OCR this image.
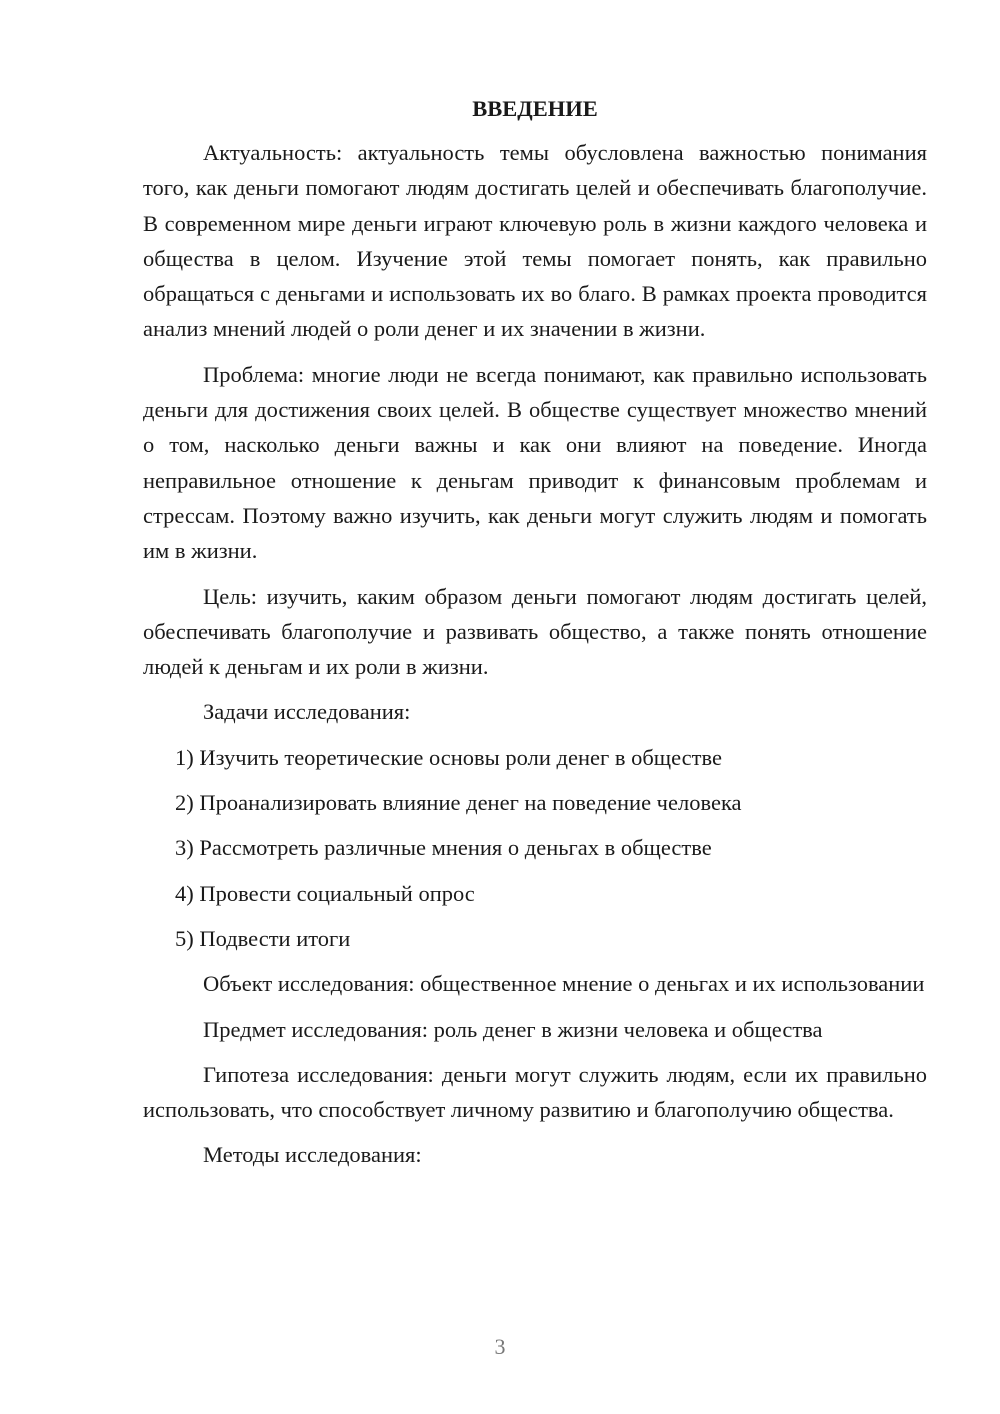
ВВЕДЕНИЕ

Актуальность: актуальность темы обусловлена важностью понимания того, как деньги помогают людям достигать целей и обеспечивать благополучие. В современном мире деньги играют ключевую роль в жизни каждого человека и общества в целом. Изучение этой темы помогает понять, как правильно обращаться с деньгами и использовать их во благо. В рамках проекта проводится анализ мнений людей о роли денег и их значении в жизни.

Проблема: многие люди не всегда понимают, как правильно использовать деньги для достижения своих целей. В обществе существует множество мнений о том, насколько деньги важны и как они влияют на поведение. Иногда неправильное отношение к деньгам приводит к финансовым проблемам и стрессам. Поэтому важно изучить, как деньги могут служить людям и помогать им в жизни.

Цель: изучить, каким образом деньги помогают людям достигать целей, обеспечивать благополучие и развивать общество, а также понять отношение людей к деньгам и их роли в жизни.

Задачи исследования:

1) Изучить теоретические основы роли денег в обществе

2) Проанализировать влияние денег на поведение человека

3) Рассмотреть различные мнения о деньгах в обществе

4) Провести социальный опрос

5) Подвести итоги

Объект исследования: общественное мнение о деньгах и их использовании

Предмет исследования: роль денег в жизни человека и общества

Гипотеза исследования: деньги могут служить людям, если их правильно использовать, что способствует личному развитию и благополучию общества.

Методы исследования:

3
